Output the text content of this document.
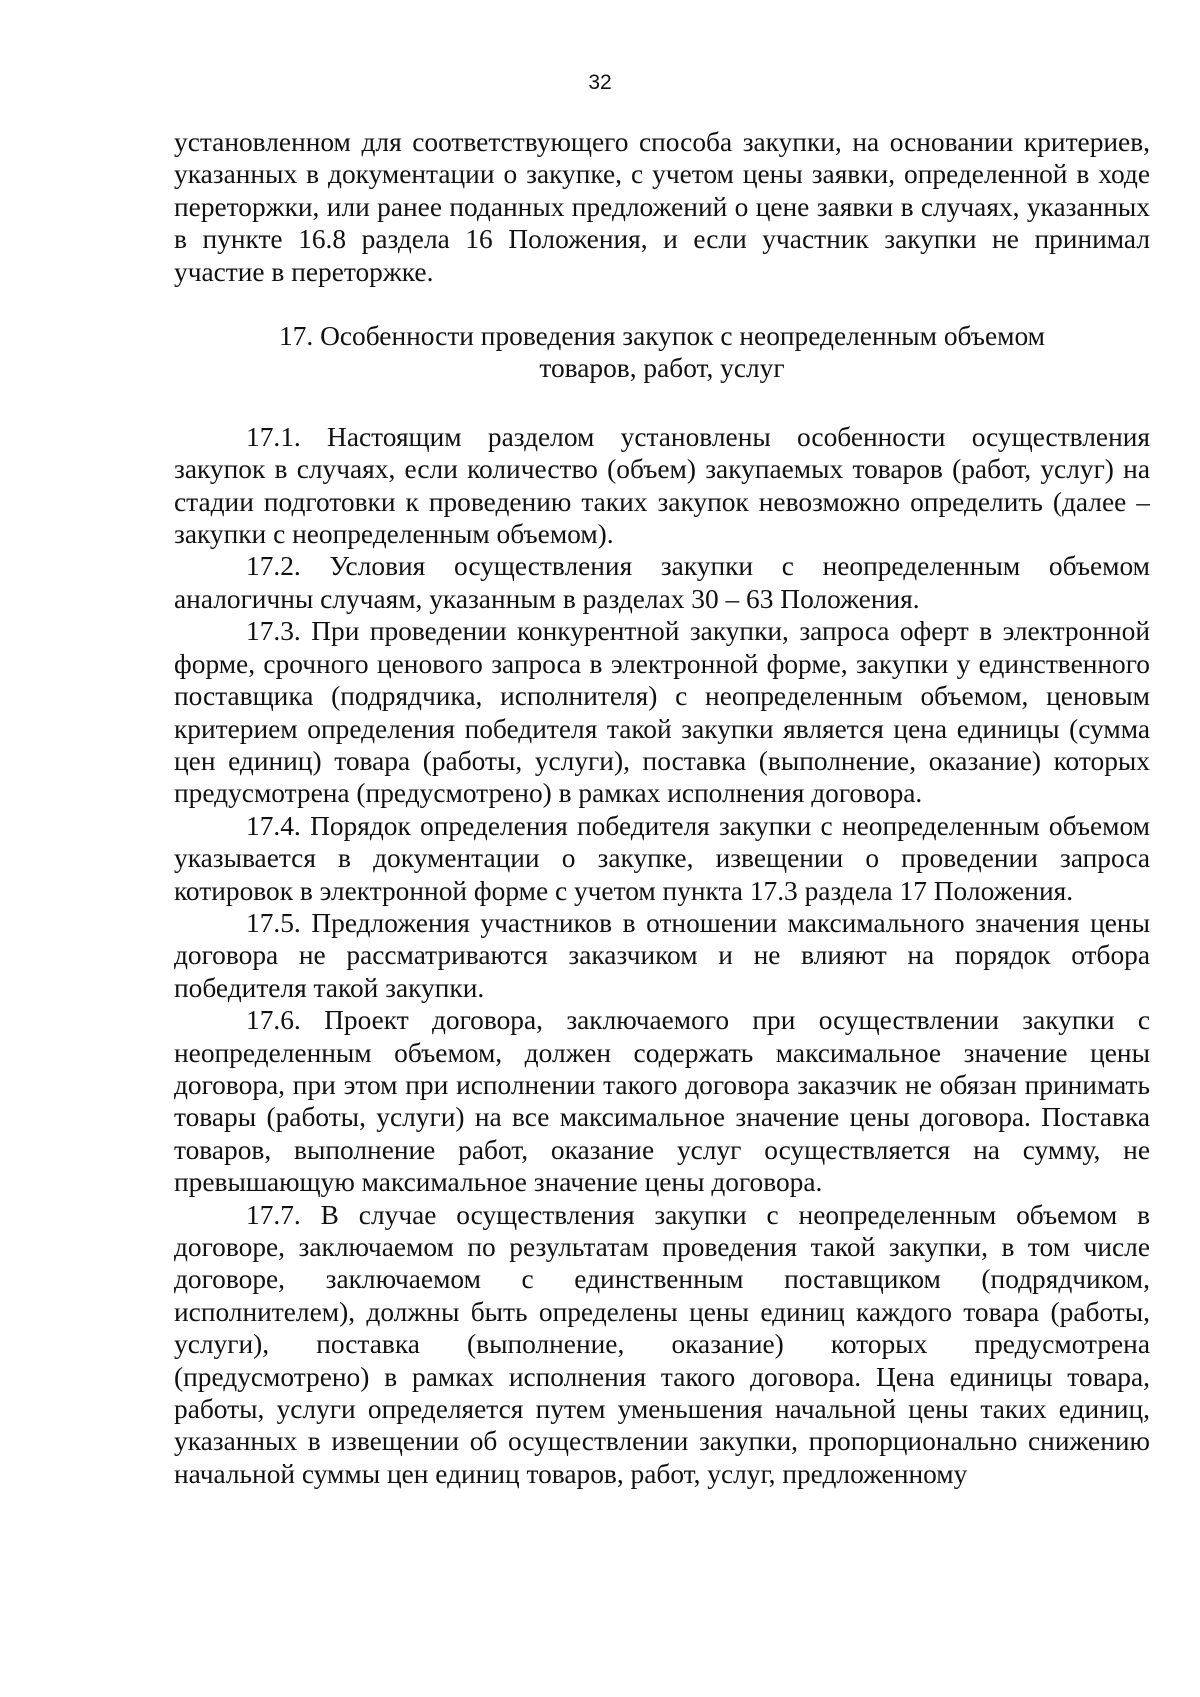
32

установленном для соответствующего способа закупки, на основании критериев, указанных в документации о закупке, с учетом цены заявки, определенной в ходе переторжки, или ранее поданных предложений о цене заявки в случаях, указанных в пункте 16.8 раздела 16 Положения, и если участник закупки не принимал участие в переторжке.

17. Особенности проведения закупок с неопределенным объемом
товаров, работ, услуг

17.1. Настоящим разделом установлены особенности осуществления закупок в случаях, если количество (объем) закупаемых товаров (работ, услуг) на стадии подготовки к проведению таких закупок невозможно определить (далее – закупки с неопределенным объемом).

17.2. Условия осуществления закупки с неопределенным объемом аналогичны случаям, указанным в разделах 30 – 63 Положения.

17.3. При проведении конкурентной закупки, запроса оферт в электронной форме, срочного ценового запроса в электронной форме, закупки у единственного поставщика (подрядчика, исполнителя) с неопределенным объемом, ценовым критерием определения победителя такой закупки является цена единицы (сумма цен единиц) товара (работы, услуги), поставка (выполнение, оказание) которых предусмотрена (предусмотрено) в рамках исполнения договора.

17.4. Порядок определения победителя закупки с неопределенным объемом указывается в документации о закупке, извещении о проведении запроса котировок в электронной форме с учетом пункта 17.3 раздела 17 Положения.

17.5. Предложения участников в отношении максимального значения цены договора не рассматриваются заказчиком и не влияют на порядок отбора победителя такой закупки.

17.6. Проект договора, заключаемого при осуществлении закупки с неопределенным объемом, должен содержать максимальное значение цены договора, при этом при исполнении такого договора заказчик не обязан принимать товары (работы, услуги) на все максимальное значение цены договора. Поставка товаров, выполнение работ, оказание услуг осуществляется на сумму, не превышающую максимальное значение цены договора.

17.7. В случае осуществления закупки с неопределенным объемом в договоре, заключаемом по результатам проведения такой закупки, в том числе договоре, заключаемом с единственным поставщиком (подрядчиком, исполнителем), должны быть определены цены единиц каждого товара (работы, услуги), поставка (выполнение, оказание) которых предусмотрена (предусмотрено) в рамках исполнения такого договора. Цена единицы товара, работы, услуги определяется путем уменьшения начальной цены таких единиц, указанных в извещении об осуществлении закупки, пропорционально снижению начальной суммы цен единиц товаров, работ, услуг, предложенному
